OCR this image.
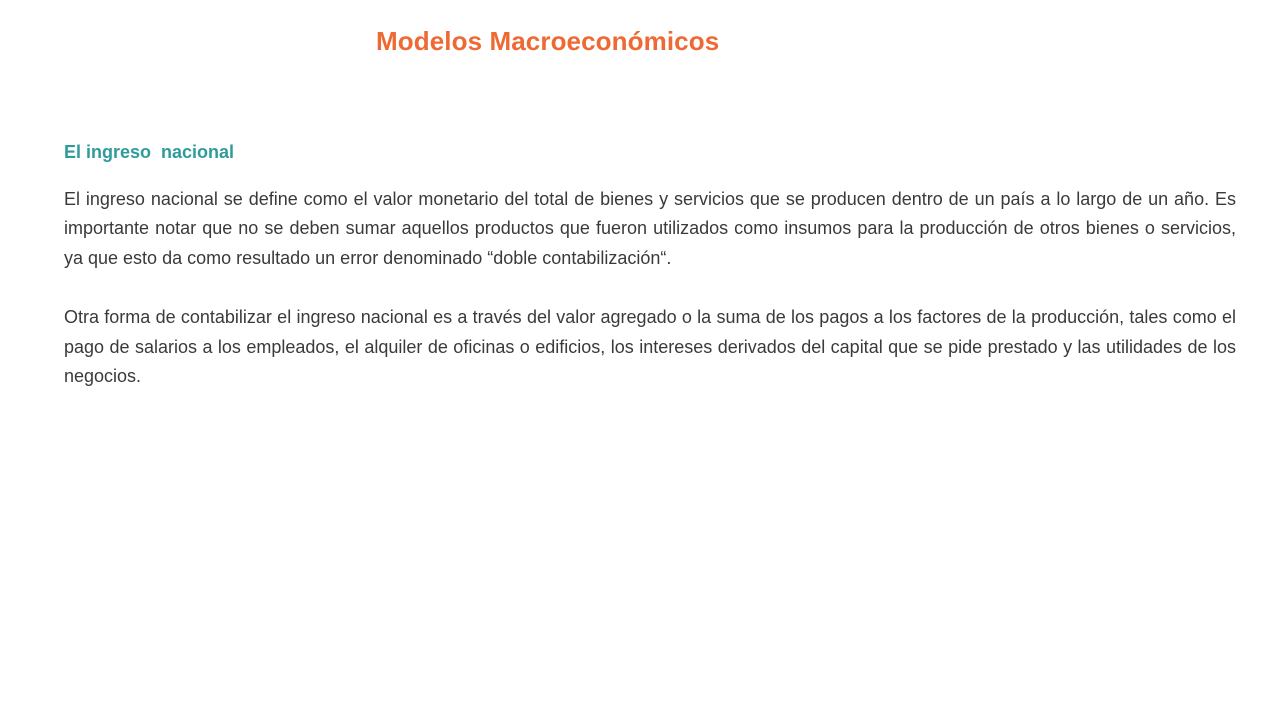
Modelos Macroeconómicos
El ingreso  nacional

El ingreso nacional se define como el valor monetario del total de bienes y servicios que se producen dentro de un país a lo largo de un año. Es importante notar que no se deben sumar aquellos productos que fueron utilizados como insumos para la producción de otros bienes o servicios, ya que esto da como resultado un error denominado “doble contabilización“.

Otra forma de contabilizar el ingreso nacional es a través del valor agregado o la suma de los pagos a los factores de la producción, tales como el pago de salarios a los empleados, el alquiler de oficinas o edificios, los intereses derivados del capital que se pide prestado y las utilidades de los negocios.
